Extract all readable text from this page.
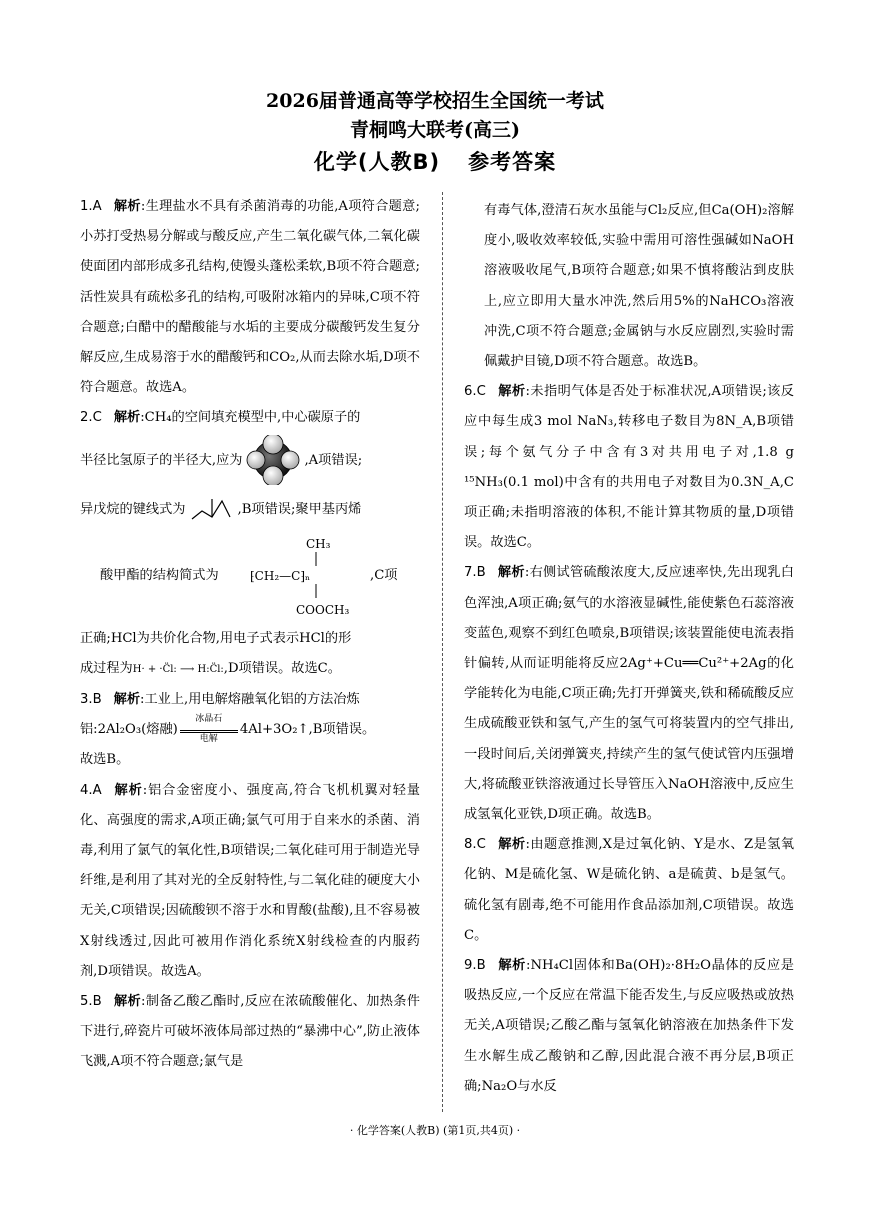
2026届普通高等学校招生全国统一考试
青桐鸣大联考(高三)
化学(人教B) 参考答案

1.A 解析:生理盐水不具有杀菌消毒的功能,A项符合题意;小苏打受热易分解或与酸反应,产生二氧化碳气体,二氧化碳使面团内部形成多孔结构,使馒头蓬松柔软,B项不符合题意;活性炭具有疏松多孔的结构,可吸附冰箱内的异味,C项不符合题意;白醋中的醋酸能与水垢的主要成分碳酸钙发生复分解反应,生成易溶于水的醋酸钙和CO₂,从而去除水垢,D项不符合题意。故选A。

2.C 解析:CH₄的空间填充模型中,中心碳原子的
半径比氢原子的半径大,应为	,A项错误;
异戊烷的键线式为	,B项错误;聚甲基丙烯
酸甲酯的结构简式为
CH₃
⁅CH₂—C⁆ₙ
COOCH₃
,C项
正确;HCl为共价化合物,用电子式表示HCl的形
成过程为H· + ·C̈l: ⟶ H:C̈l:,D项错误。故选C。
3.B 解析:工业上,用电解熔融氧化铝的方法冶炼
铝:2Al₂O₃(熔融)
冰晶石
电解
4Al+3O₂↑,B项错误。
故选B。

4.A 解析:铝合金密度小、强度高,符合飞机机翼对轻量化、高强度的需求,A项正确;氯气可用于自来水的杀菌、消毒,利用了氯气的氧化性,B项错误;二氧化硅可用于制造光导纤维,是利用了其对光的全反射特性,与二氧化硅的硬度大小无关,C项错误;因硫酸钡不溶于水和胃酸(盐酸),且不容易被X射线透过,因此可被用作消化系统X射线检查的内服药剂,D项错误。故选A。

5.B 解析:制备乙酸乙酯时,反应在浓硫酸催化、加热条件下进行,碎瓷片可破坏液体局部过热的“暴沸中心”,防止液体飞溅,A项不符合题意;氯气是

有毒气体,澄清石灰水虽能与Cl₂反应,但Ca(OH)₂溶解度小,吸收效率较低,实验中需用可溶性强碱如NaOH溶液吸收尾气,B项符合题意;如果不慎将酸沾到皮肤上,应立即用大量水冲洗,然后用5%的NaHCO₃溶液冲洗,C项不符合题意;金属钠与水反应剧烈,实验时需佩戴护目镜,D项不符合题意。故选B。

6.C 解析:未指明气体是否处于标准状况,A项错误;该反应中每生成3 mol NaN₃,转移电子数目为8N_A,B项错误;每个氨气分子中含有3对共用电子对,1.8 g ¹⁵NH₃(0.1 mol)中含有的共用电子对数目为0.3N_A,C项正确;未指明溶液的体积,不能计算其物质的量,D项错误。故选C。

7.B 解析:右侧试管硫酸浓度大,反应速率快,先出现乳白色浑浊,A项正确;氨气的水溶液显碱性,能使紫色石蕊溶液变蓝色,观察不到红色喷泉,B项错误;该装置能使电流表指针偏转,从而证明能将反应2Ag⁺+Cu══Cu²⁺+2Ag的化学能转化为电能,C项正确;先打开弹簧夹,铁和稀硫酸反应生成硫酸亚铁和氢气,产生的氢气可将装置内的空气排出,一段时间后,关闭弹簧夹,持续产生的氢气使试管内压强增大,将硫酸亚铁溶液通过长导管压入NaOH溶液中,反应生成氢氧化亚铁,D项正确。故选B。

8.C 解析:由题意推测,X是过氧化钠、Y是水、Z是氢氧化钠、M是硫化氢、W是硫化钠、a是硫黄、b是氢气。硫化氢有剧毒,绝不可能用作食品添加剂,C项错误。故选C。

9.B 解析:NH₄Cl固体和Ba(OH)₂·8H₂O晶体的反应是吸热反应,一个反应在常温下能否发生,与反应吸热或放热无关,A项错误;乙酸乙酯与氢氧化钠溶液在加热条件下发生水解生成乙酸钠和乙醇,因此混合液不再分层,B项正确;Na₂O与水反

· 化学答案(人教B) (第1页,共4页) ·
